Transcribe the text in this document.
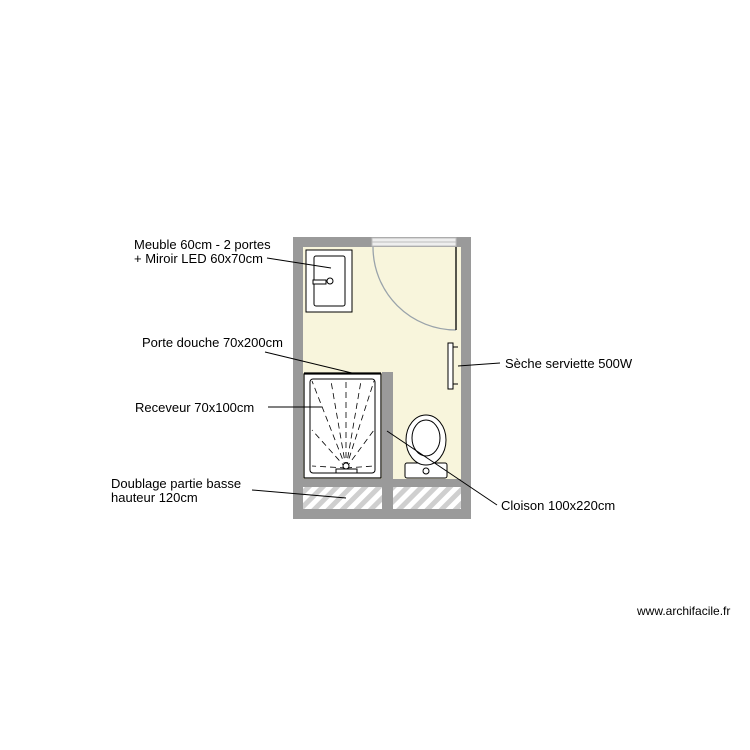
Meuble 60cm - 2 portes
+ Miroir LED 60x70cm
Porte douche 70x200cm
Receveur 70x100cm
Doublage partie basse
hauteur 120cm
Sèche serviette 500W
Cloison 100x220cm
www.archifacile.fr
